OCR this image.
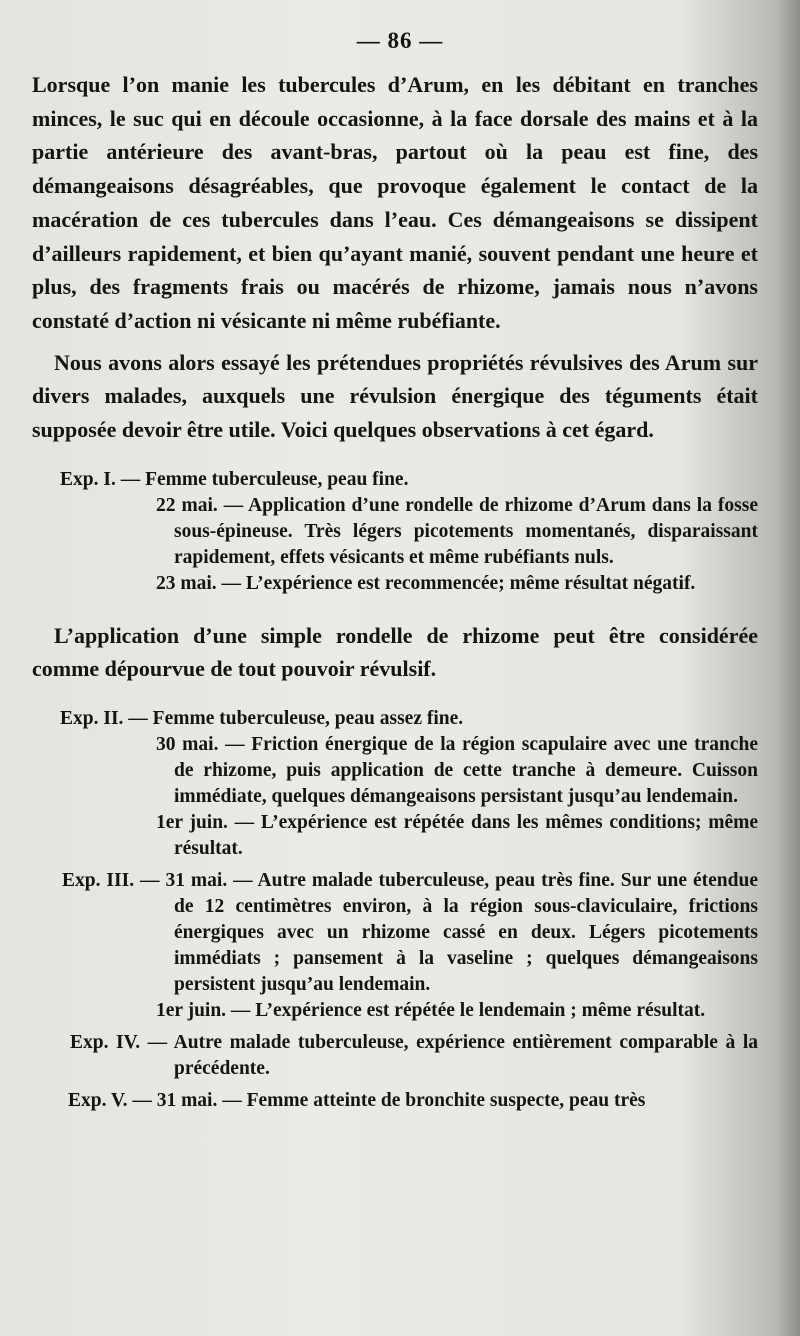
— 86 —

Lorsque l’on manie les tubercules d’Arum, en les débitant en tranches minces, le suc qui en découle occasionne, à la face dorsale des mains et à la partie antérieure des avant-bras, partout où la peau est fine, des démangeaisons désagréables, que provoque également le contact de la macération de ces tubercules dans l’eau. Ces démangeaisons se dissipent d’ailleurs rapidement, et bien qu’ayant manié, souvent pendant une heure et plus, des fragments frais ou macérés de rhizome, jamais nous n’avons constaté d’action ni vésicante ni même rubéfiante.

Nous avons alors essayé les prétendues propriétés révulsives des Arum sur divers malades, auxquels une révulsion énergique des téguments était supposée devoir être utile. Voici quelques observations à cet égard.

Exp. I. — Femme tuberculeuse, peau fine.
22 mai. — Application d’une rondelle de rhizome d’Arum dans la fosse sous-épineuse. Très légers picotements momentanés, disparaissant rapidement, effets vésicants et même rubéfiants nuls.
23 mai. — L’expérience est recommencée; même résultat négatif.

L’application d’une simple rondelle de rhizome peut être considérée comme dépourvue de tout pouvoir révulsif.

Exp. II. — Femme tuberculeuse, peau assez fine.
30 mai. — Friction énergique de la région scapulaire avec une tranche de rhizome, puis application de cette tranche à demeure. Cuisson immédiate, quelques démangeaisons persistant jusqu’au lendemain.
1er juin. — L’expérience est répétée dans les mêmes conditions; même résultat.
Exp. III. — 31 mai. — Autre malade tuberculeuse, peau très fine. Sur une étendue de 12 centimètres environ, à la région sous-claviculaire, frictions énergiques avec un rhizome cassé en deux. Légers picotements immédiats ; pansement à la vaseline ; quelques démangeaisons persistent jusqu’au lendemain.
1er juin. — L’expérience est répétée le lendemain ; même résultat.
Exp. IV. — Autre malade tuberculeuse, expérience entièrement comparable à la précédente.
Exp. V. — 31 mai. — Femme atteinte de bronchite suspecte, peau très
